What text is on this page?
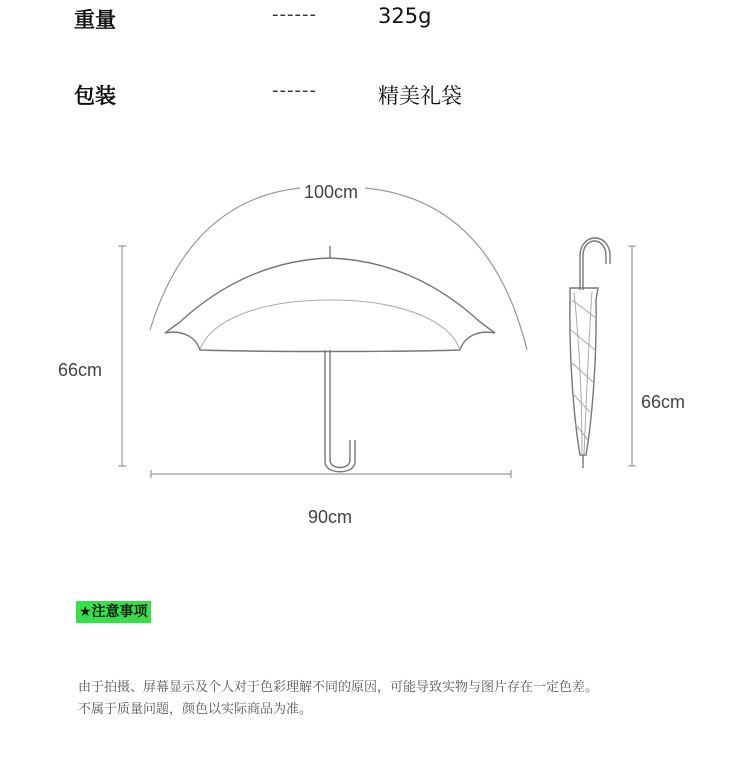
重量	------	325g
包装	------	精美礼袋
100cm
66cm
90cm
66cm
★注意事项
由于拍摄、屏幕显示及个人对于色彩理解不同的原因，可能导致实物与图片存在一定色差。
不属于质量问题，颜色以实际商品为准。
